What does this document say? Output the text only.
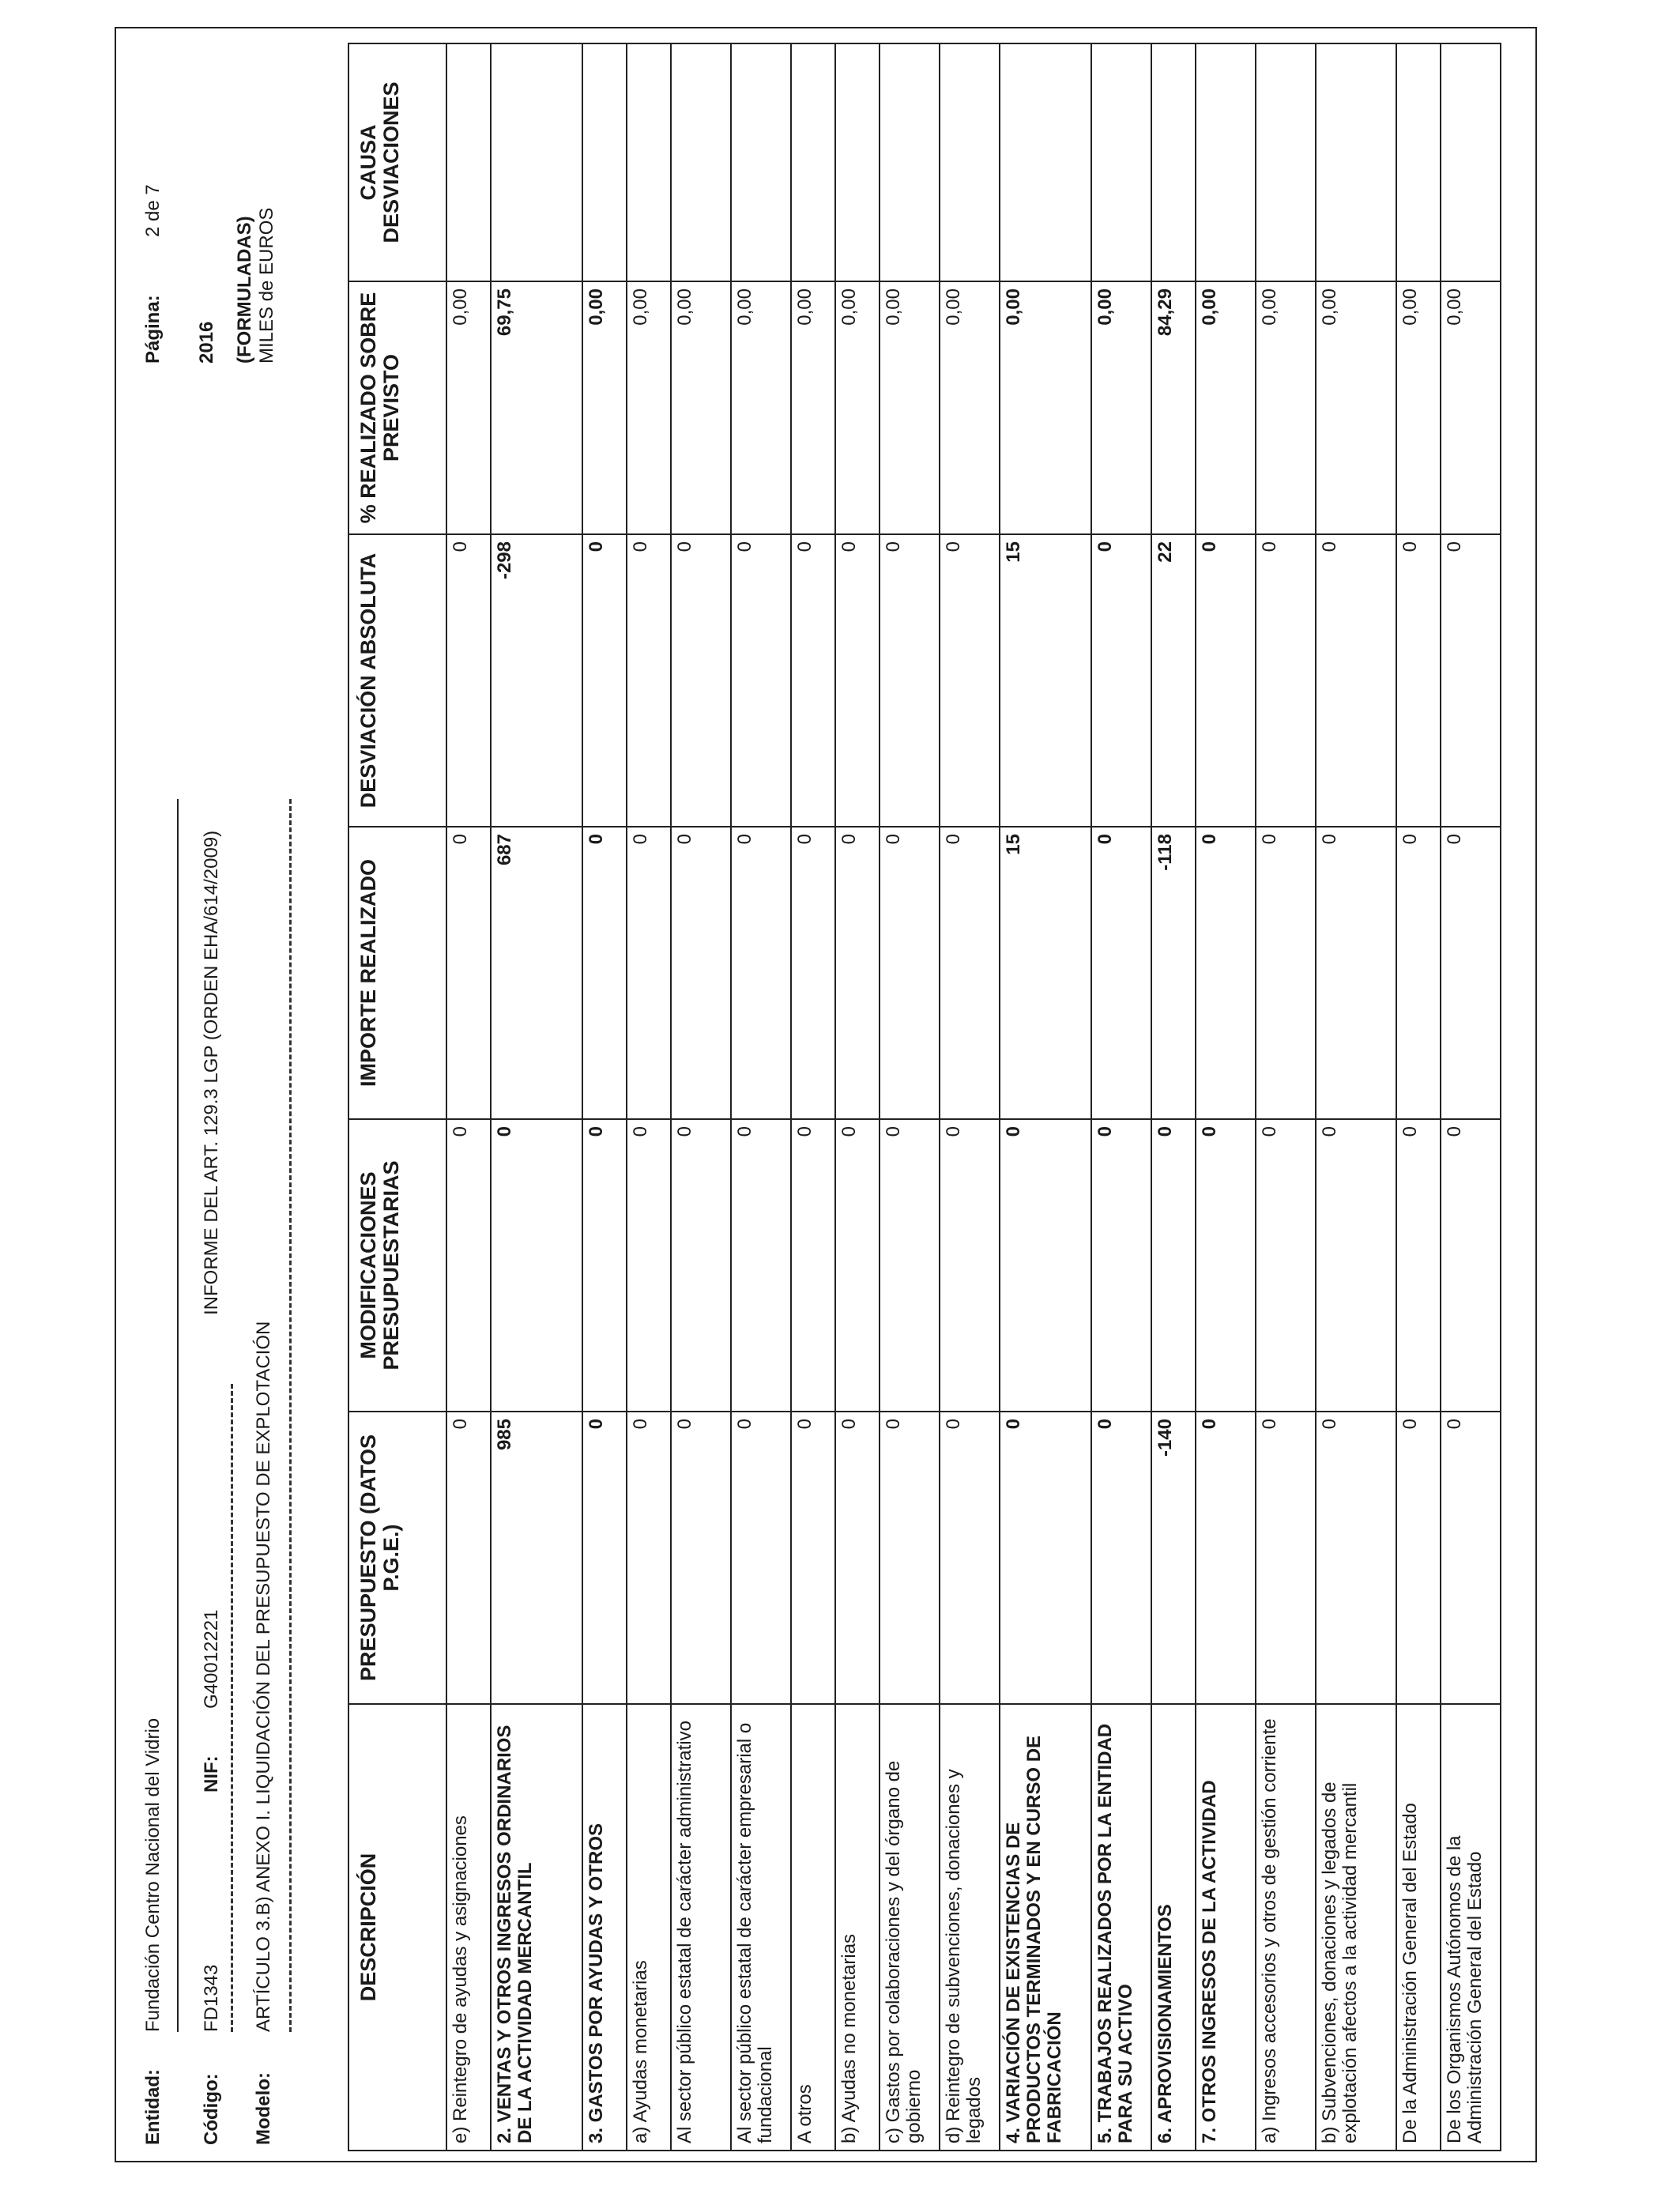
Entidad:
Fundación Centro Nacional del Vidrio
Código:
FD1343
NIF:
G40012221
INFORME DEL ART. 129.3 LGP (ORDEN EHA/614/2009)
Modelo:
ARTÍCULO 3.B) ANEXO I. LIQUIDACIÓN DEL PRESUPUESTO DE EXPLOTACIÓN
Página:
2 de 7
2016 (FORMULADAS) MILES de EUROS
DESCRIPCIÓN	PRESUPUESTO (DATOS P.G.E.)	MODIFICACIONES PRESUPUESTARIAS	IMPORTE REALIZADO	DESVIACIÓN ABSOLUTA	% REALIZADO SOBRE PREVISTO	CAUSA DESVIACIONES
e) Reintegro de ayudas y asignaciones	0	0	0	0	0,00	
2. VENTAS Y OTROS INGRESOS ORDINARIOS DE LA ACTIVIDAD MERCANTIL	985	0	687	-298	69,75	
3. GASTOS POR AYUDAS Y OTROS	0	0	0	0	0,00	
a) Ayudas monetarias	0	0	0	0	0,00	
Al sector público estatal de carácter administrativo	0	0	0	0	0,00	
Al sector público estatal de carácter empresarial o fundacional	0	0	0	0	0,00	
A otros	0	0	0	0	0,00	
b) Ayudas no monetarias	0	0	0	0	0,00	
c) Gastos por colaboraciones y del órgano de gobierno	0	0	0	0	0,00	
d) Reintegro de subvenciones, donaciones y legados	0	0	0	0	0,00	
4. VARIACIÓN DE EXISTENCIAS DE PRODUCTOS TERMINADOS Y EN CURSO DE FABRICACIÓN	0	0	15	15	0,00	
5. TRABAJOS REALIZADOS POR LA ENTIDAD PARA SU ACTIVO	0	0	0	0	0,00	
6. APROVISIONAMIENTOS	-140	0	-118	22	84,29	
7. OTROS INGRESOS DE LA ACTIVIDAD	0	0	0	0	0,00	
a) Ingresos accesorios y otros de gestión corriente	0	0	0	0	0,00	
b) Subvenciones, donaciones y legados de explotación afectos a la actividad mercantil	0	0	0	0	0,00	
De la Administración General del Estado	0	0	0	0	0,00	
De los Organismos Autónomos de la Administración General del Estado	0	0	0	0	0,00	
